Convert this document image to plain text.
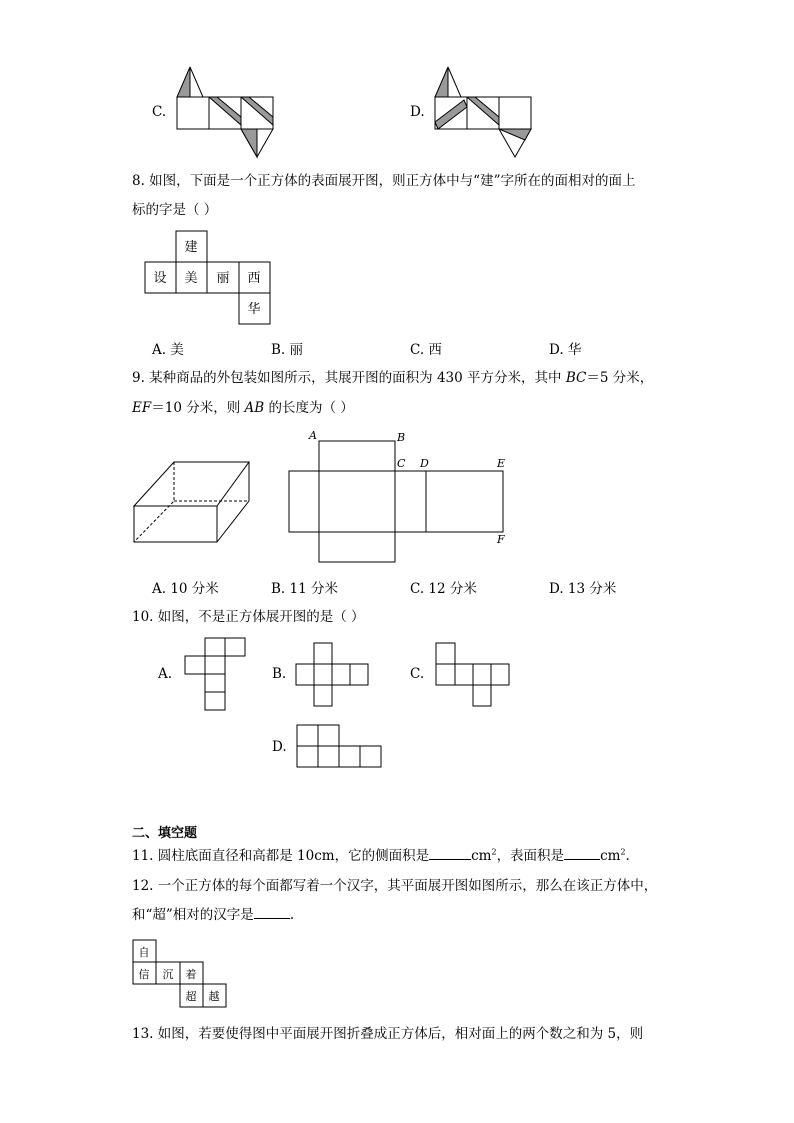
C.	D.
8. 如图，下面是一个正方体的表面展开图，则正方体中与“建”字所在的面相对的面上
标的字是（ ）
建
设 美 丽 西
华
A. 美	B. 丽	C. 西	D. 华
9. 某种商品的外包装如图所示，其展开图的面积为 430 平方分米，其中 BC＝5 分米，
EF＝10 分米，则 AB 的长度为（ ）
A	B
C D	E
F
A. 10 分米	B. 11 分米	C. 12 分米	D. 13 分米
10. 如图，不是正方体展开图的是（ ）
A.	B.	C.
D.
二、填空题
11. 圆柱底面直径和高都是 10cm，它的侧面积是	$cm^2$，表面积是	$cm^2$.
12. 一个正方体的每个面都写着一个汉字，其平面展开图如图所示，那么在该正方体中，
和“超”相对的汉字是	.
自
信 沉 着
超 越
13. 如图，若要使得图中平面展开图折叠成正方体后，相对面上的两个数之和为 5，则
